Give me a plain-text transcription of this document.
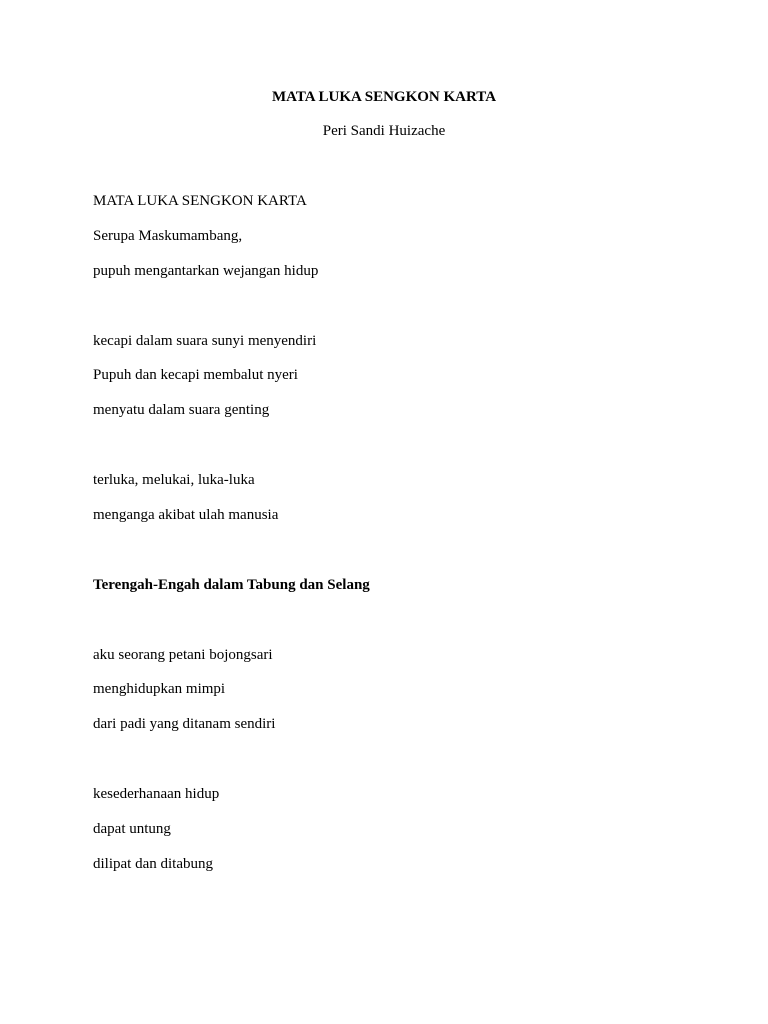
MATA LUKA SENGKON KARTA
Peri Sandi Huizache
MATA LUKA SENGKON KARTA
Serupa Maskumambang,
pupuh mengantarkan wejangan hidup
kecapi dalam suara sunyi menyendiri
Pupuh dan kecapi membalut nyeri
menyatu dalam suara genting
terluka, melukai, luka-luka
menganga akibat ulah manusia
Terengah-Engah dalam Tabung dan Selang
aku seorang petani bojongsari
menghidupkan mimpi
dari padi yang ditanam sendiri
kesederhanaan hidup
dapat untung
dilipat dan ditabung
